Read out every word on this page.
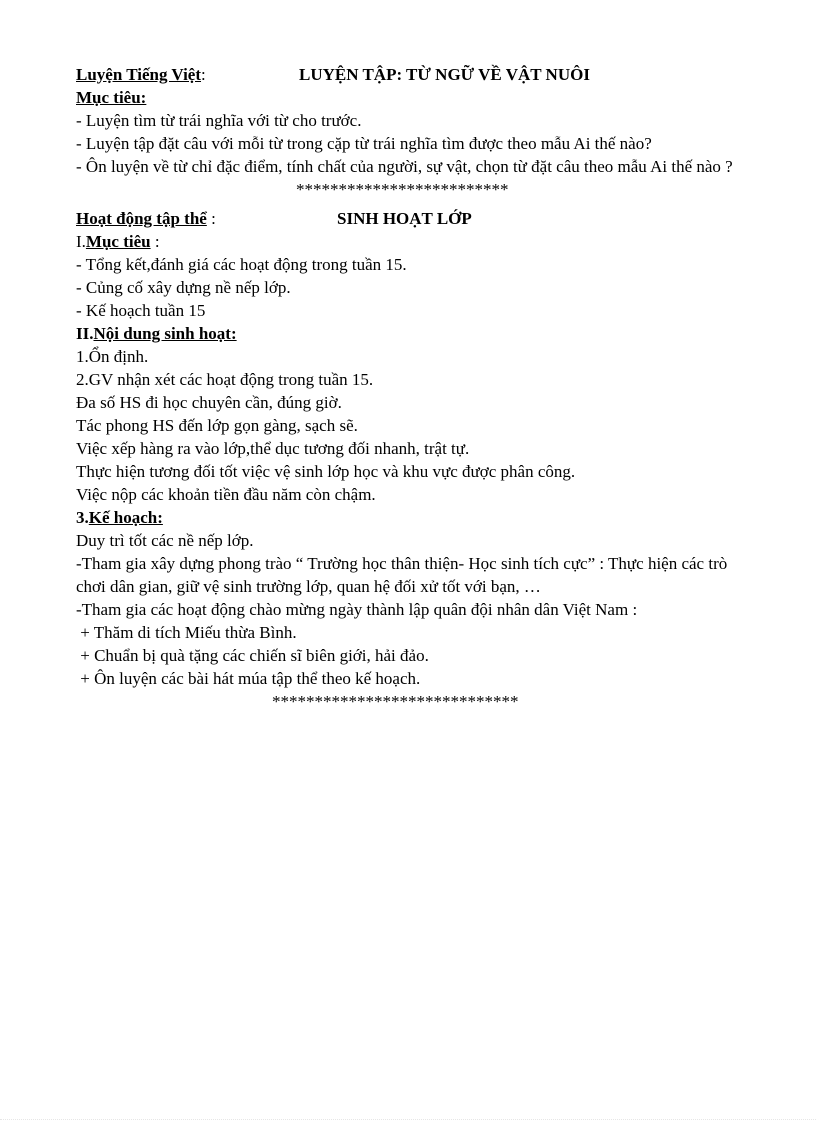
Luyện Tiếng Việt:	LUYỆN TẬP: TỪ NGỮ VỀ VẬT NUÔI
Mục tiêu:
- Luyện tìm từ trái nghĩa với từ cho trước.
- Luyện tập đặt câu với mỗi từ trong cặp từ trái nghĩa tìm được theo mẫu Ai thế nào?
- Ôn luyện về từ chỉ đặc điểm, tính chất của người, sự vật, chọn từ đặt câu theo mẫu Ai thế nào ?
*************************
Hoạt động tập thể :	SINH HOẠT LỚP
I.Mục tiêu :
- Tổng kết,đánh giá các hoạt động trong tuần 15.
- Củng cố xây dựng nề nếp lớp.
- Kế hoạch tuần 15
II.Nội dung sinh hoạt:
1.Ổn định.
2.GV nhận xét các hoạt động trong tuần 15.
Đa số HS đi học chuyên cần, đúng giờ.
Tác phong HS đến lớp gọn gàng, sạch sẽ.
Việc xếp hàng ra vào lớp,thể dục tương đối nhanh, trật tự.
Thực hiện tương đối tốt việc vệ sinh lớp học và khu vực được phân công.
Việc nộp các khoản tiền đầu năm còn chậm.
3.Kế hoạch:
Duy trì tốt các nề nếp lớp.
-Tham gia xây dựng phong trào “ Trường học thân thiện- Học sinh tích cực” : Thực hiện các trò chơi dân gian, giữ vệ sinh trường lớp, quan hệ đối xử tốt với bạn, …
-Tham gia các hoạt động chào mừng ngày thành lập quân đội nhân dân Việt Nam :
+ Thăm di tích Miếu thừa Bình.
+ Chuẩn bị quà tặng các chiến sĩ biên giới, hải đảo.
+ Ôn luyện các bài hát múa tập thể theo kế hoạch.
*****************************
